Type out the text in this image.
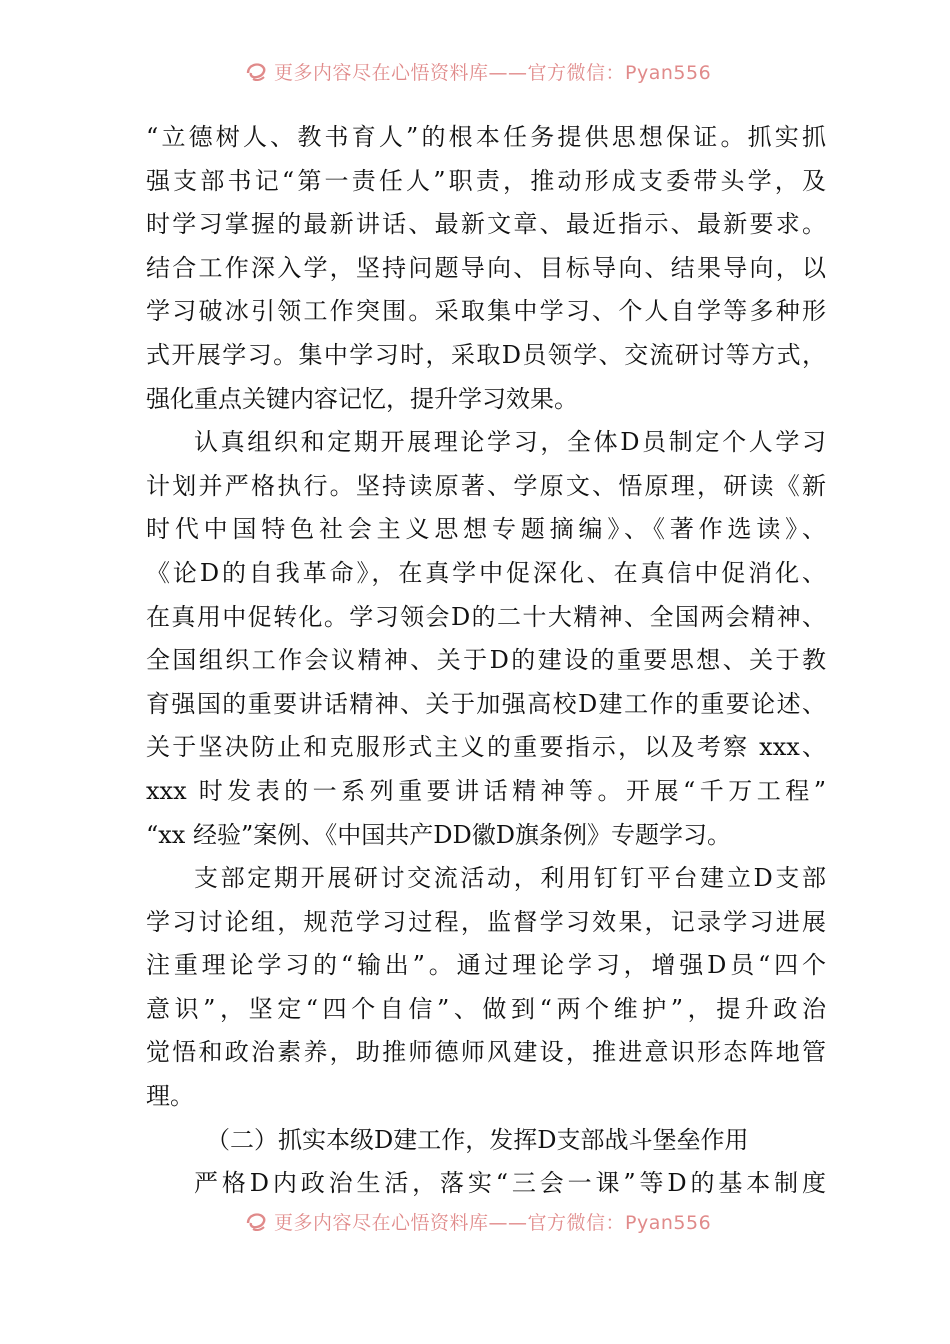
更多内容尽在心悟资料库——官方微信：Pyan556
“立德树人、教书育人”的根本任务提供思想保证。抓实抓
强支部书记“第一责任人”职责，推动形成支委带头学，及
时学习掌握的最新讲话、最新文章、最近指示、最新要求。
结合工作深入学，坚持问题导向、目标导向、结果导向，以
学习破冰引领工作突围。采取集中学习、个人自学等多种形
式开展学习。集中学习时，采取D员领学、交流研讨等方式，
强化重点关键内容记忆，提升学习效果。
认真组织和定期开展理论学习，全体D员制定个人学习
计划并严格执行。坚持读原著、学原文、悟原理，研读《新
时代中国特色社会主义思想专题摘编》、《著作选读》、
《论D的自我革命》，在真学中促深化、在真信中促消化、
在真用中促转化。学习领会D的二十大精神、全国两会精神、
全国组织工作会议精神、关于D的建设的重要思想、关于教
育强国的重要讲话精神、关于加强高校D建工作的重要论述、
关于坚决防止和克服形式主义的重要指示，以及考察 xxx、
xxx 时发表的一系列重要讲话精神等。开展“千万工程”
“xx 经验”案例、《中国共产DD徽D旗条例》专题学习。
支部定期开展研讨交流活动，利用钉钉平台建立D支部
学习讨论组，规范学习过程，监督学习效果，记录学习进展
注重理论学习的“输出”。通过理论学习，增强D员“四个
意识”，坚定“四个自信”、做到“两个维护”，提升政治
觉悟和政治素养，助推师德师风建设，推进意识形态阵地管
理。
（二）抓实本级D建工作，发挥D支部战斗堡垒作用
严格D内政治生活，落实“三会一课”等D的基本制度
更多内容尽在心悟资料库——官方微信：Pyan556
